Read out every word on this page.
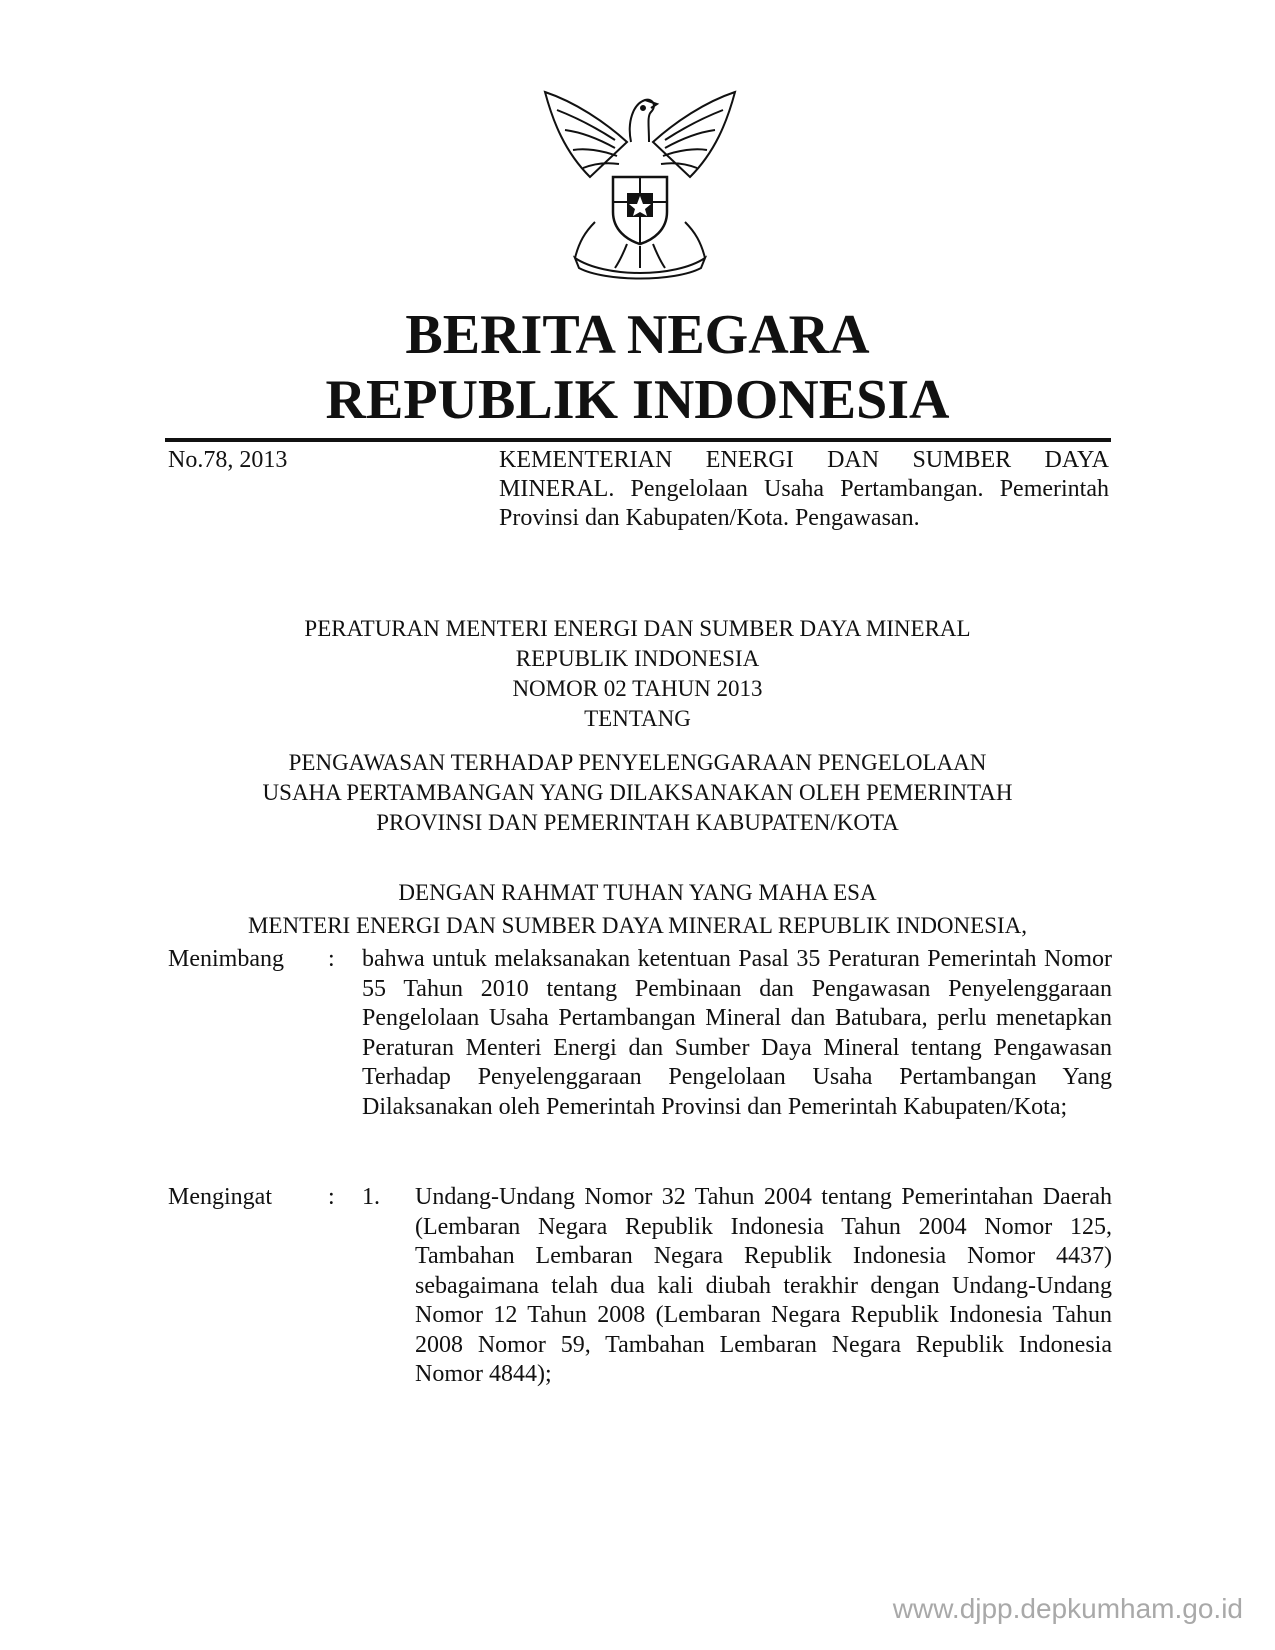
BERITA NEGARA
REPUBLIK INDONESIA
No.78, 2013	KEMENTERIAN ENERGI DAN SUMBER DAYA MINERAL. Pengelolaan Usaha Pertambangan. Pemerintah Provinsi dan Kabupaten/Kota. Pengawasan.
PERATURAN MENTERI ENERGI DAN SUMBER DAYA MINERAL
REPUBLIK INDONESIA
NOMOR 02 TAHUN 2013
TENTANG
PENGAWASAN TERHADAP PENYELENGGARAAN PENGELOLAAN
USAHA PERTAMBANGAN YANG DILAKSANAKAN OLEH PEMERINTAH
PROVINSI DAN PEMERINTAH KABUPATEN/KOTA
DENGAN RAHMAT TUHAN YANG MAHA ESA
MENTERI ENERGI DAN SUMBER DAYA MINERAL REPUBLIK INDONESIA,
Menimbang : bahwa untuk melaksanakan ketentuan Pasal 35 Peraturan Pemerintah Nomor 55 Tahun 2010 tentang Pembinaan dan Pengawasan Penyelenggaraan Pengelolaan Usaha Pertambangan Mineral dan Batubara, perlu menetapkan Peraturan Menteri Energi dan Sumber Daya Mineral tentang Pengawasan Terhadap Penyelenggaraan Pengelolaan Usaha Pertambangan Yang Dilaksanakan oleh Pemerintah Provinsi dan Pemerintah Kabupaten/Kota;
Mengingat : 1. Undang-Undang Nomor 32 Tahun 2004 tentang Pemerintahan Daerah (Lembaran Negara Republik Indonesia Tahun 2004 Nomor 125, Tambahan Lembaran Negara Republik Indonesia Nomor 4437) sebagaimana telah dua kali diubah terakhir dengan Undang-Undang Nomor 12 Tahun 2008 (Lembaran Negara Republik Indonesia Tahun 2008 Nomor 59, Tambahan Lembaran Negara Republik Indonesia Nomor 4844);
www.djpp.depkumham.go.id
